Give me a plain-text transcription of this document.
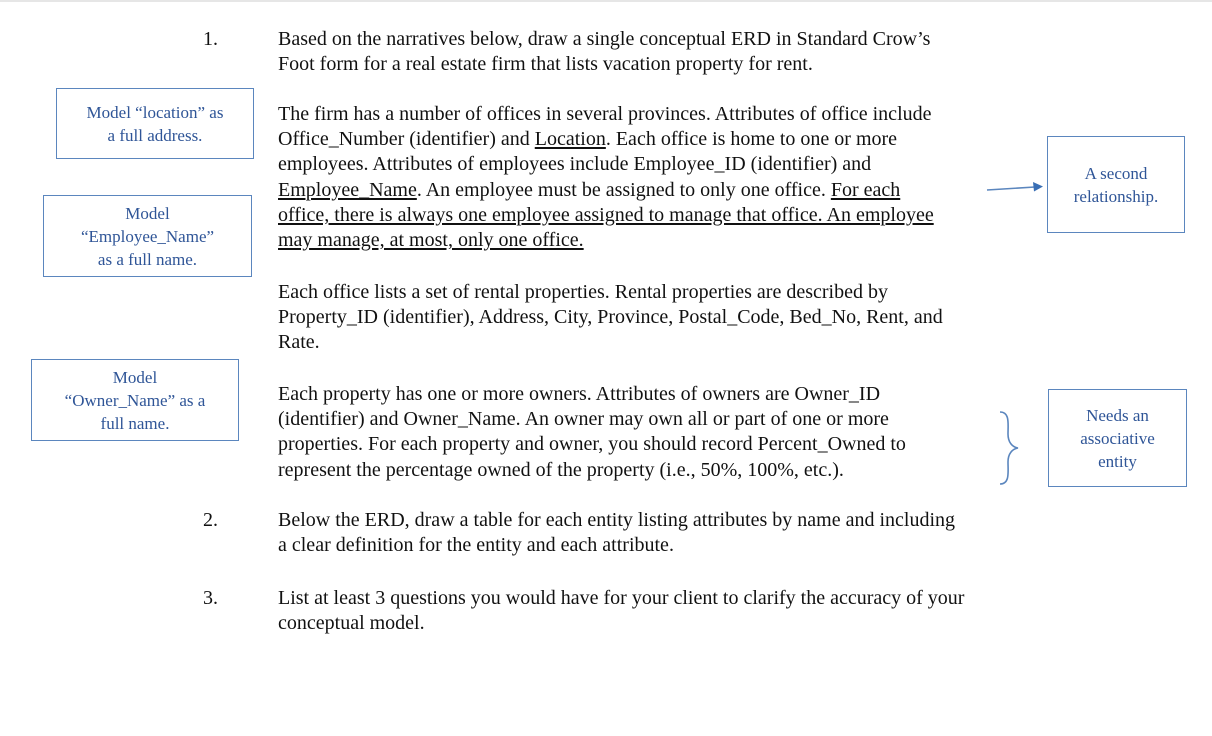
1.	Based on the narratives below, draw a single conceptual ERD in Standard Crow’s
Foot form for a real estate firm that lists vacation property for rent.
The firm has a number of offices in several provinces. Attributes of office include
Office_Number (identifier) and Location. Each office is home to one or more
employees. Attributes of employees include Employee_ID (identifier) and
Employee_Name. An employee must be assigned to only one office. For each
office, there is always one employee assigned to manage that office. An employee
may manage, at most, only one office.
Each office lists a set of rental properties. Rental properties are described by
Property_ID (identifier), Address, City, Province, Postal_Code, Bed_No, Rent, and
Rate.
Each property has one or more owners. Attributes of owners are Owner_ID
(identifier) and Owner_Name. An owner may own all or part of one or more
properties. For each property and owner, you should record Percent_Owned to
represent the percentage owned of the property (i.e., 50%, 100%, etc.).
2.	Below the ERD, draw a table for each entity listing attributes by name and including
a clear definition for the entity and each attribute.
3.	List at least 3 questions you would have for your client to clarify the accuracy of your
conceptual model.
Model “location” as
a full address.
Model
“Employee_Name”
as a full name.
Model
“Owner_Name” as a
full name.
A second
relationship.
Needs an
associative
entity
